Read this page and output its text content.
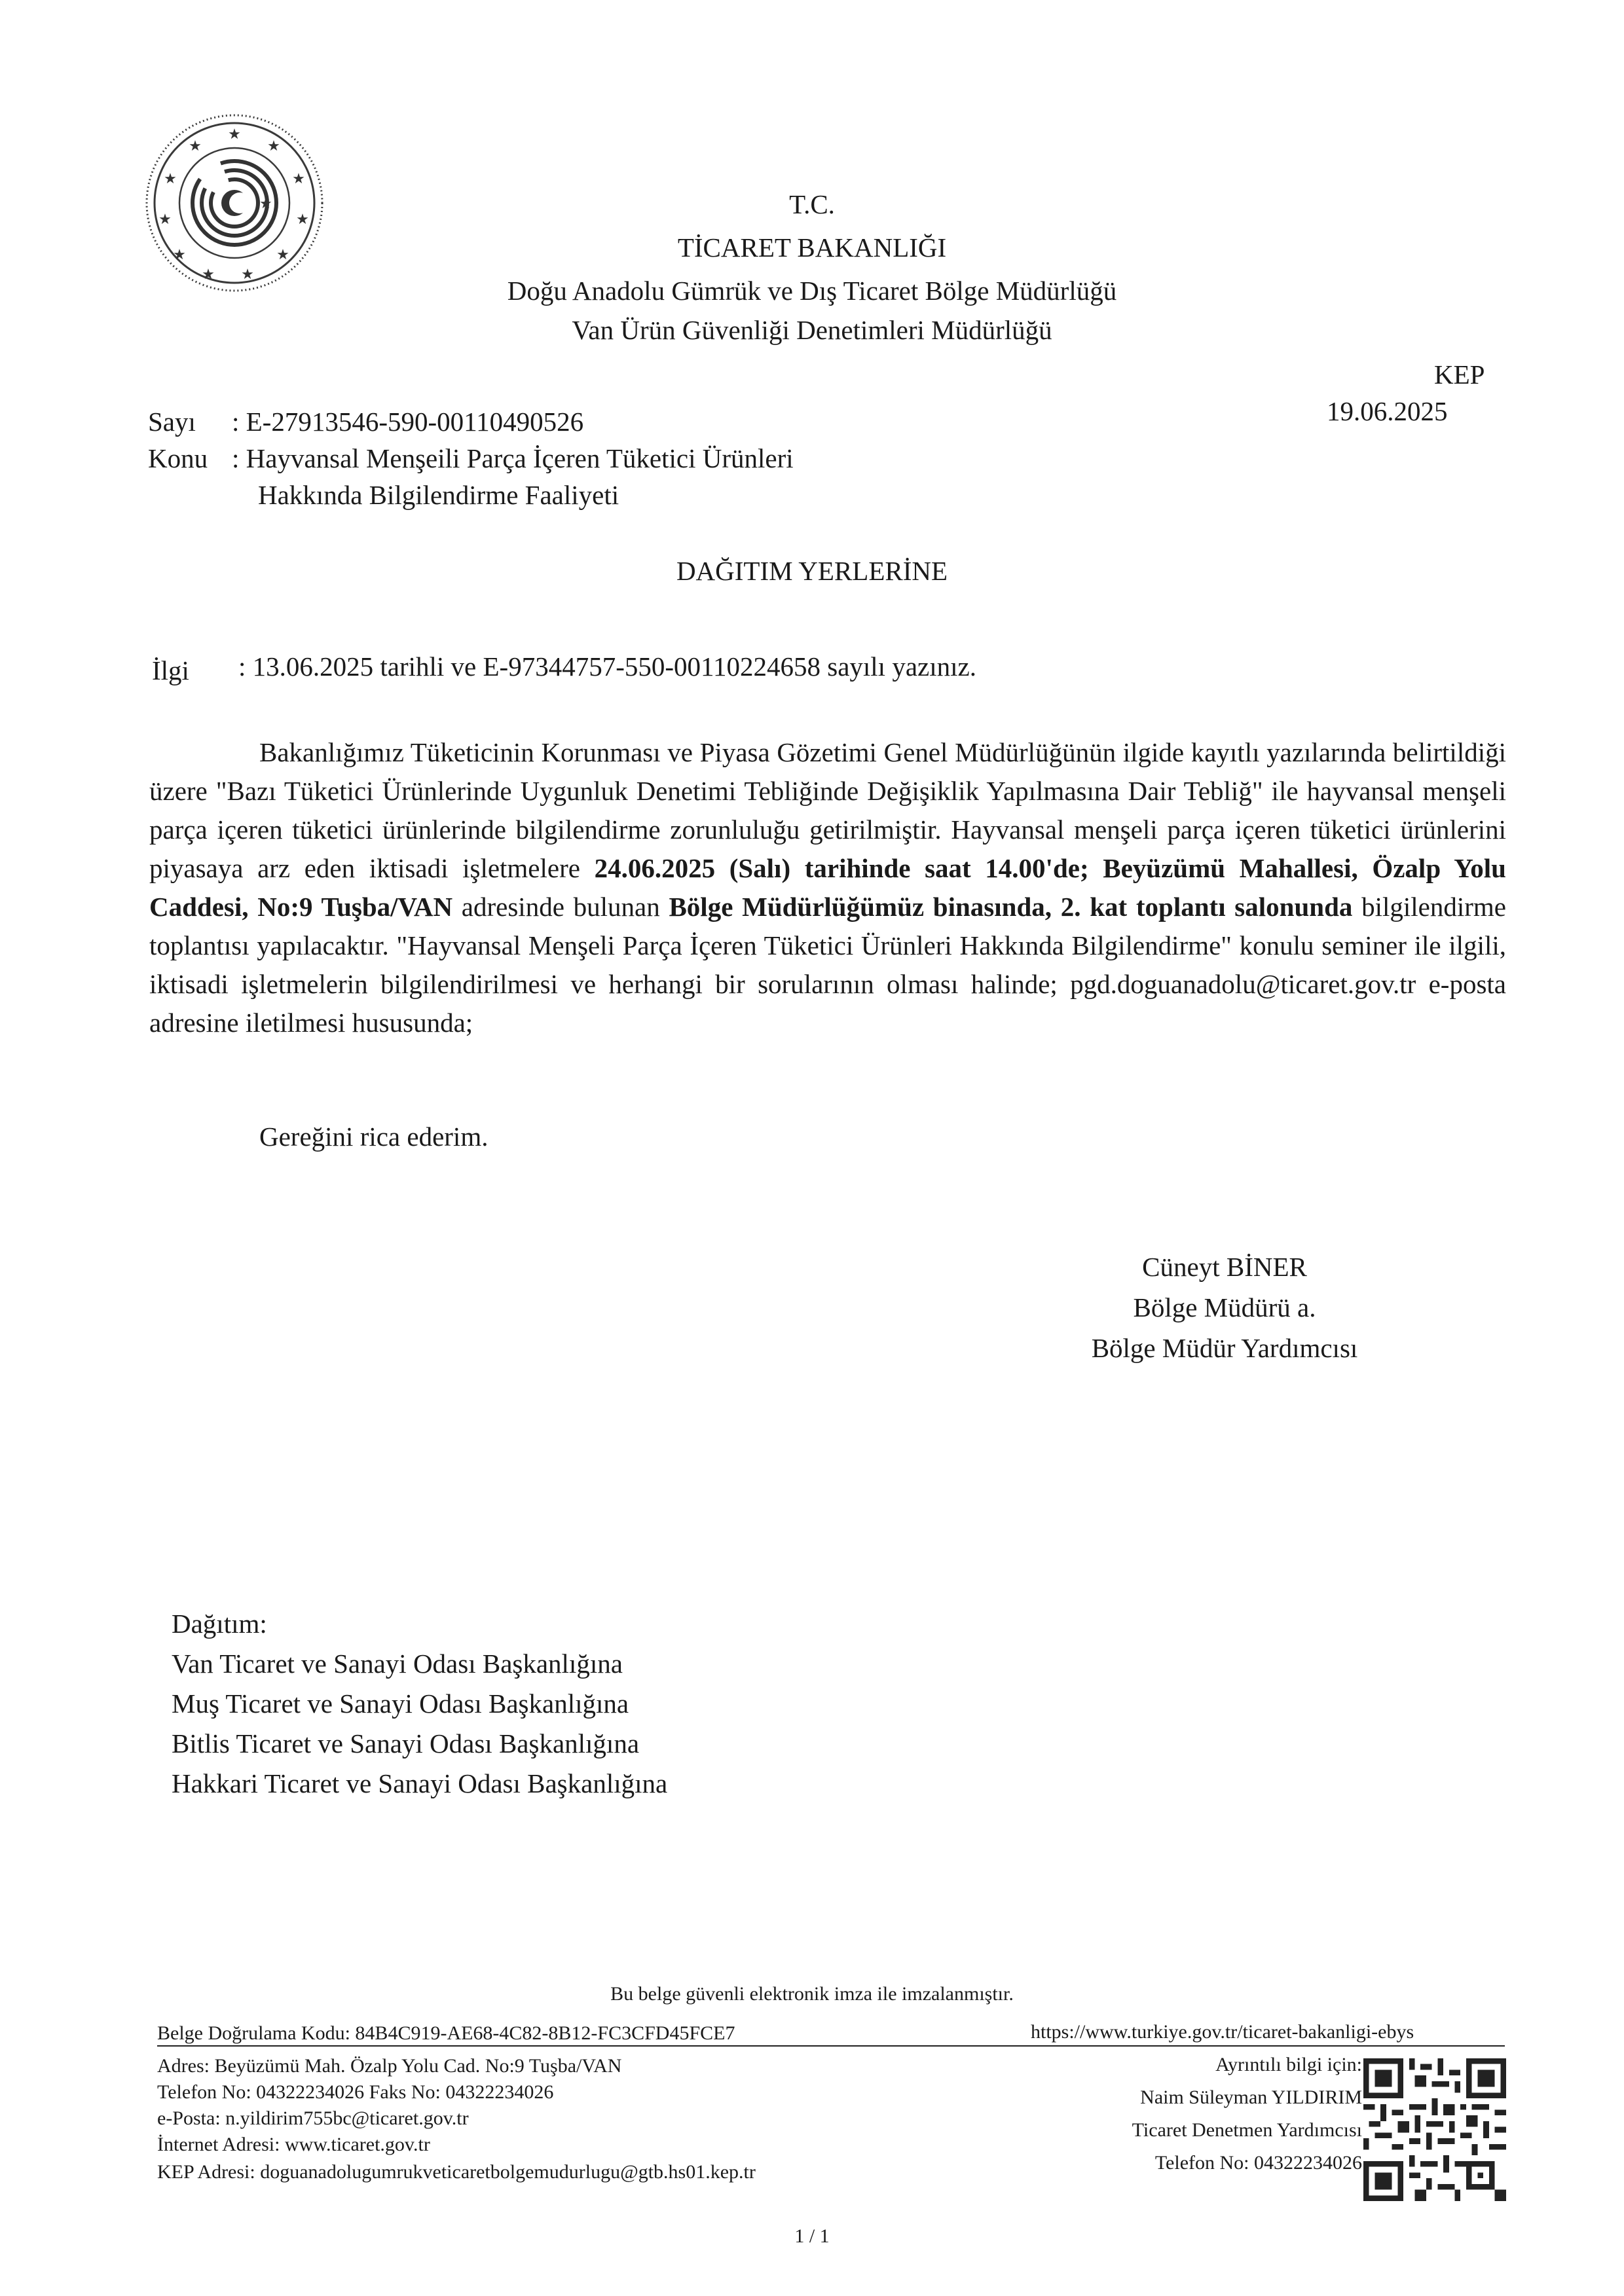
★
★
★
★
★
★
★
★
★
★
★
★	T.C.
TİCARET BAKANLIĞI
Doğu Anadolu Gümrük ve Dış Ticaret Bölge Müdürlüğü
Van Ürün Güvenliği Denetimleri Müdürlüğü
KEP
19.06.2025
Sayı : E-27913546-590-00110490526
Konu : Hayvansal Menşeili Parça İçeren Tüketici Ürünleri
Hakkında Bilgilendirme Faaliyeti
DAĞITIM YERLERİNE
İlgi : 13.06.2025 tarihli ve E-97344757-550-00110224658 sayılı yazınız.
Bakanlığımız Tüketicinin Korunması ve Piyasa Gözetimi Genel Müdürlüğünün ilgide kayıtlı yazılarında belirtildiği üzere "Bazı Tüketici Ürünlerinde Uygunluk Denetimi Tebliğinde Değişiklik Yapılmasına Dair Tebliğ" ile hayvansal menşeli parça içeren tüketici ürünlerinde bilgilendirme zorunluluğu getirilmiştir. Hayvansal menşeli parça içeren tüketici ürünlerini piyasaya arz eden iktisadi işletmelere 24.06.2025 (Salı) tarihinde saat 14.00'de; Beyüzümü Mahallesi, Özalp Yolu Caddesi, No:9 Tuşba/VAN adresinde bulunan Bölge Müdürlüğümüz binasında, 2. kat toplantı salonunda bilgilendirme toplantısı yapılacaktır. "Hayvansal Menşeli Parça İçeren Tüketici Ürünleri Hakkında Bilgilendirme" konulu seminer ile ilgili, iktisadi işletmelerin bilgilendirilmesi ve herhangi bir sorularının olması halinde; pgd.doguanadolu@ticaret.gov.tr e-posta adresine iletilmesi hususunda;
Gereğini rica ederim.
Cüneyt BİNER
Bölge Müdürü a.
Bölge Müdür Yardımcısı
Dağıtım:
Van Ticaret ve Sanayi Odası Başkanlığına
Muş Ticaret ve Sanayi Odası Başkanlığına
Bitlis Ticaret ve Sanayi Odası Başkanlığına
Hakkari Ticaret ve Sanayi Odası Başkanlığına
Bu belge güvenli elektronik imza ile imzalanmıştır.
Belge Doğrulama Kodu: 84B4C919-AE68-4C82-8B12-FC3CFD45FCE7	https://www.turkiye.gov.tr/ticaret-bakanligi-ebys
Adres: Beyüzümü Mah. Özalp Yolu Cad. No:9 Tuşba/VAN
Telefon No: 04322234026 Faks No: 04322234026
e-Posta: n.yildirim755bc@ticaret.gov.tr
İnternet Adresi: www.ticaret.gov.tr
KEP Adresi: doguanadolugumrukveticaretbolgemudurlugu@gtb.hs01.kep.tr
Ayrıntılı bilgi için:
Naim Süleyman YILDIRIM
Ticaret Denetmen Yardımcısı
Telefon No: 04322234026
1 / 1
